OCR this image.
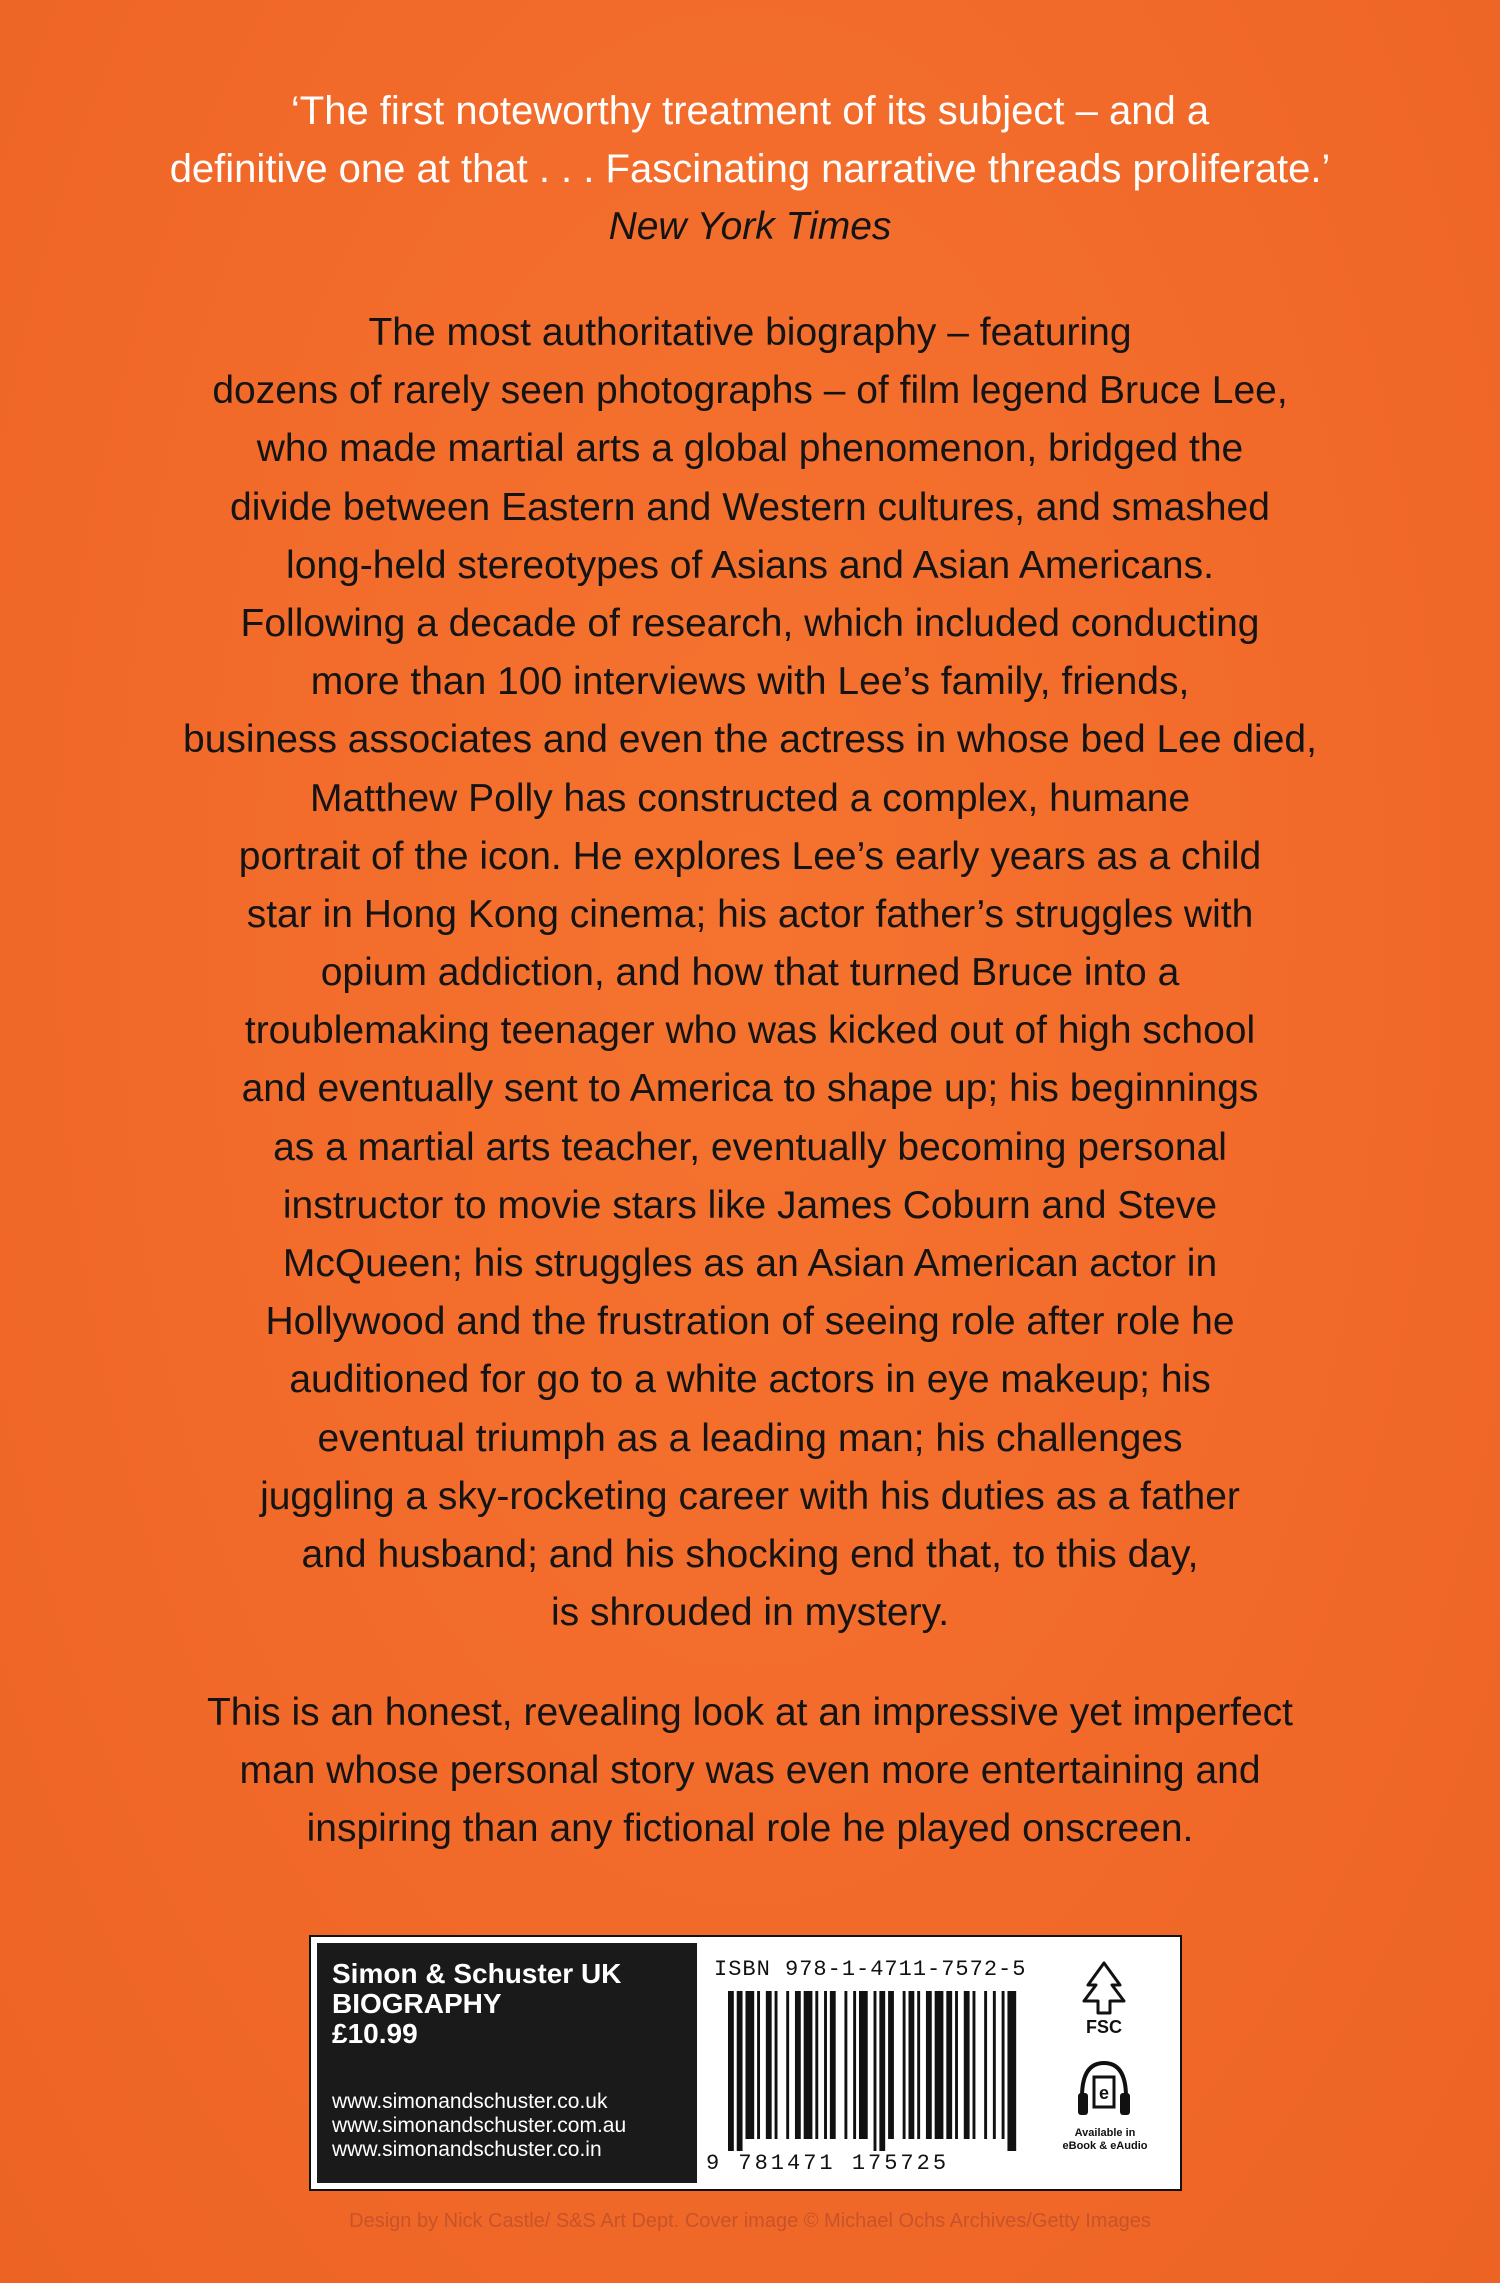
‘The first noteworthy treatment of its subject – and a
definitive one at that . . . Fascinating narrative threads proliferate.’
New York Times
The most authoritative biography – featuring
dozens of rarely seen photographs – of film legend Bruce Lee,
who made martial arts a global phenomenon, bridged the
divide between Eastern and Western cultures, and smashed
long-held stereotypes of Asians and Asian Americans.
Following a decade of research, which included conducting
more than 100 interviews with Lee’s family, friends,
business associates and even the actress in whose bed Lee died,
Matthew Polly has constructed a complex, humane
portrait of the icon. He explores Lee’s early years as a child
star in Hong Kong cinema; his actor father’s struggles with
opium addiction, and how that turned Bruce into a
troublemaking teenager who was kicked out of high school
and eventually sent to America to shape up; his beginnings
as a martial arts teacher, eventually becoming personal
instructor to movie stars like James Coburn and Steve
McQueen; his struggles as an Asian American actor in
Hollywood and the frustration of seeing role after role he
auditioned for go to a white actors in eye makeup; his
eventual triumph as a leading man; his challenges
juggling a sky-rocketing career with his duties as a father
and husband; and his shocking end that, to this day,
is shrouded in mystery.
This is an honest, revealing look at an impressive yet imperfect
man whose personal story was even more entertaining and
inspiring than any fictional role he played onscreen.
Simon & Schuster UK
BIOGRAPHY
£10.99
www.simonandschuster.co.uk
www.simonandschuster.com.au
www.simonandschuster.co.in
ISBN 978-1-4711-7572-5
9 781471 175725
FSC
e
Available in eBook & eAudio
Design by Nick Castle/ S&S Art Dept. Cover image © Michael Ochs Archives/Getty Images
